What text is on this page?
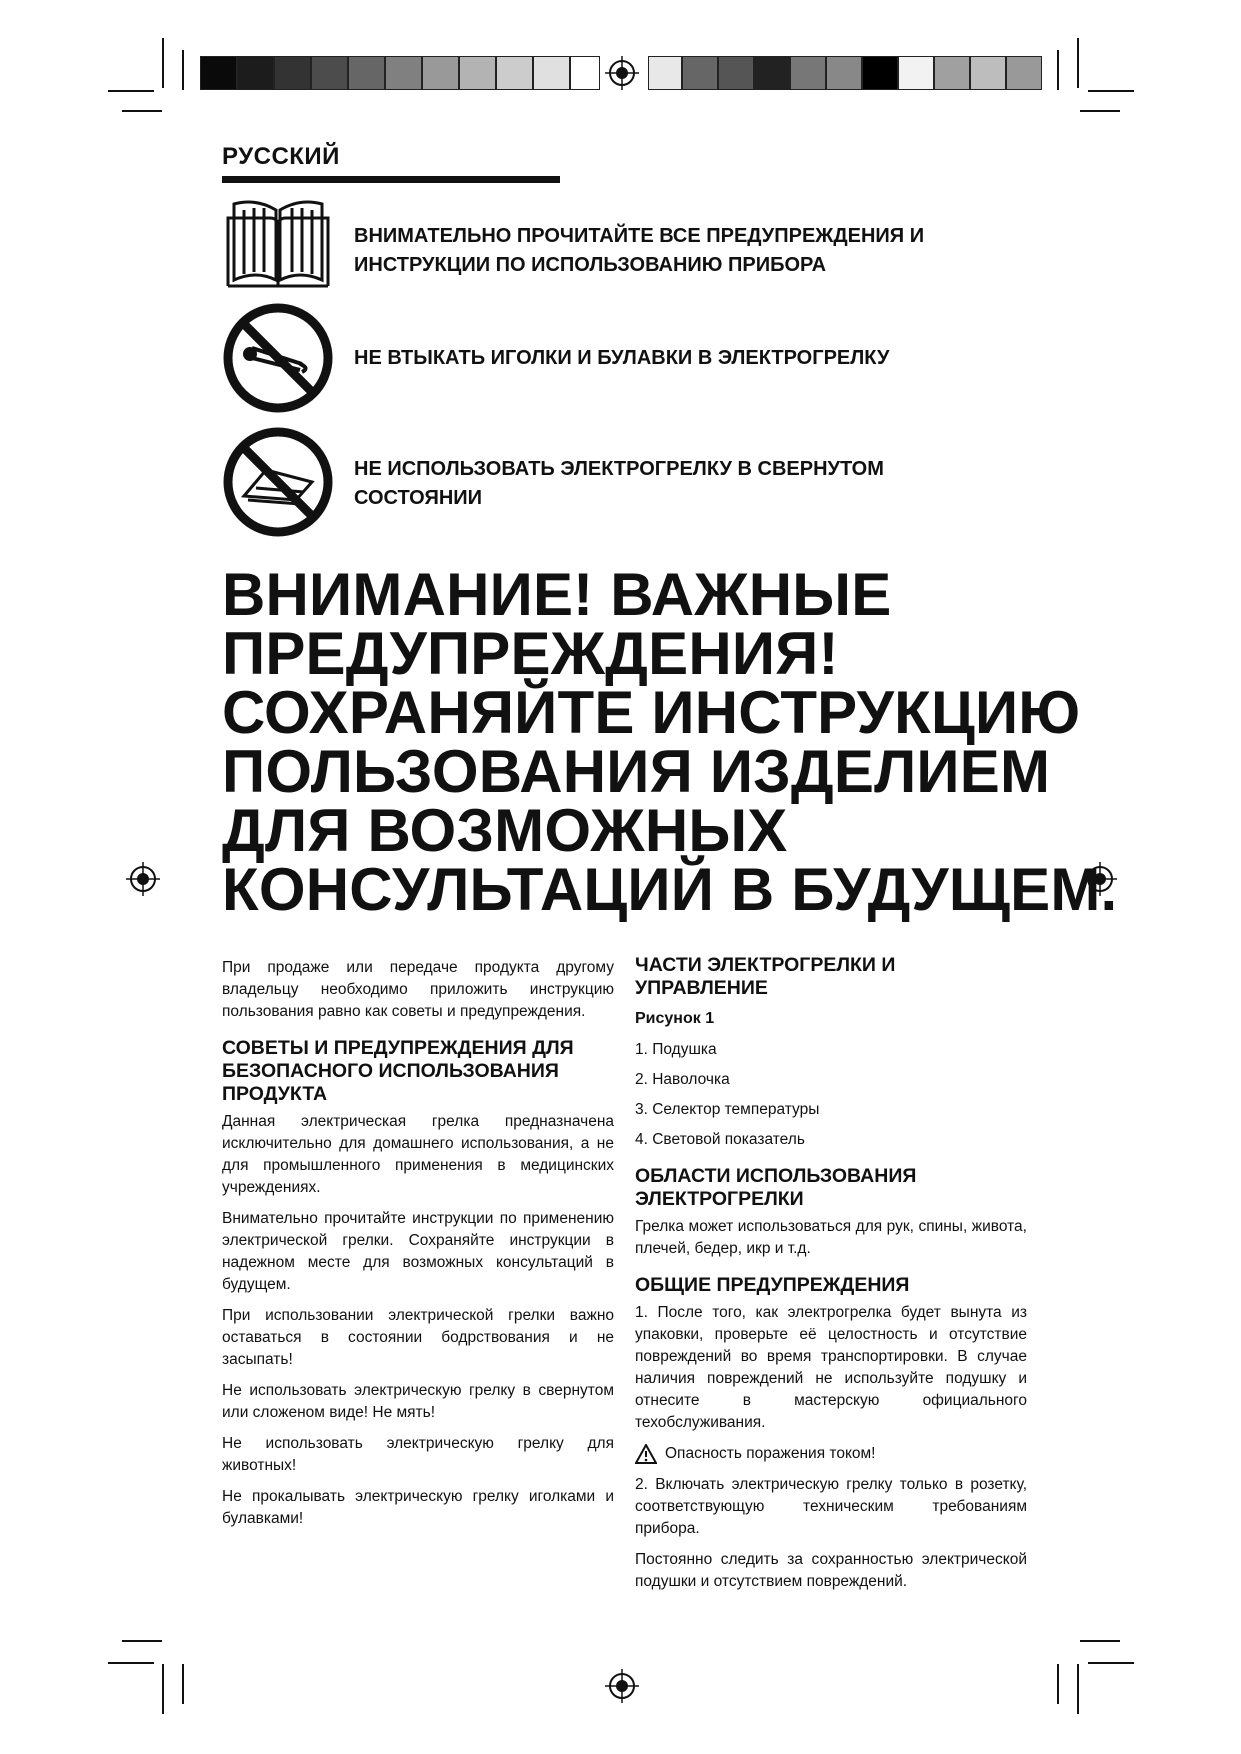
РУССКИЙ
ВНИМАТЕЛЬНО ПРОЧИТАЙТЕ ВСЕ ПРЕДУПРЕЖДЕНИЯ И ИНСТРУКЦИИ ПО ИСПОЛЬЗОВАНИЮ ПРИБОРА
НЕ ВТЫКАТЬ ИГОЛКИ И БУЛАВКИ В ЭЛЕКТРОГРЕЛКУ
НЕ ИСПОЛЬЗОВАТЬ ЭЛЕКТРОГРЕЛКУ В СВЕРНУТОМ СОСТОЯНИИ
ВНИМАНИЕ! ВАЖНЫЕ
ПРЕДУПРЕЖДЕНИЯ!
СОХРАНЯЙТЕ ИНСТРУКЦИЮ
ПОЛЬЗОВАНИЯ ИЗДЕЛИЕМ
ДЛЯ ВОЗМОЖНЫХ
КОНСУЛЬТАЦИЙ В БУДУЩЕМ.

При продаже или передаче продукта другому владельцу необходимо приложить инструкцию пользования равно как советы и предупреждения.

СОВЕТЫ И ПРЕДУПРЕЖДЕНИЯ ДЛЯ БЕЗОПАСНОГО ИСПОЛЬЗОВАНИЯ ПРОДУКТА

Данная электрическая грелка предназначена исключительно для домашнего использования, а не для промышленного применения в медицинских учреждениях.

Внимательно прочитайте инструкции по применению электрической грелки. Сохраняйте инструкции в надежном месте для возможных консультаций в будущем.

При использовании электрической грелки важно оставаться в состоянии бодрствования и не засыпать!

Не использовать электрическую грелку в свернутом или сложеном виде! Не мять!

Не использовать электрическую грелку для животных!

Не прокалывать электрическую грелку иголками и булавками!

ЧАСТИ ЭЛЕКТРОГРЕЛКИ И УПРАВЛЕНИЕ
Рисунок 1
1. Подушка
2. Наволочка
3. Селектор температуры
4. Световой показатель
ОБЛАСТИ ИСПОЛЬЗОВАНИЯ ЭЛЕКТРОГРЕЛКИ

Грелка может использоваться для рук, спины, живота, плечей, бедер, икр и т.д.

ОБЩИЕ ПРЕДУПРЕЖДЕНИЯ

1. После того, как электрогрелка будет вынута из упаковки, проверьте её целостность и отсутствие повреждений во время транспортировки. В случае наличия повреждений не используйте подушку и отнесите в мастерскую официального техобслуживания.

Опасность поражения током!

2. Включать электрическую грелку только в розетку, соответствующую техническим требованиям прибора.

Постоянно следить за сохранностью электрической подушки и отсутствием повреждений.
